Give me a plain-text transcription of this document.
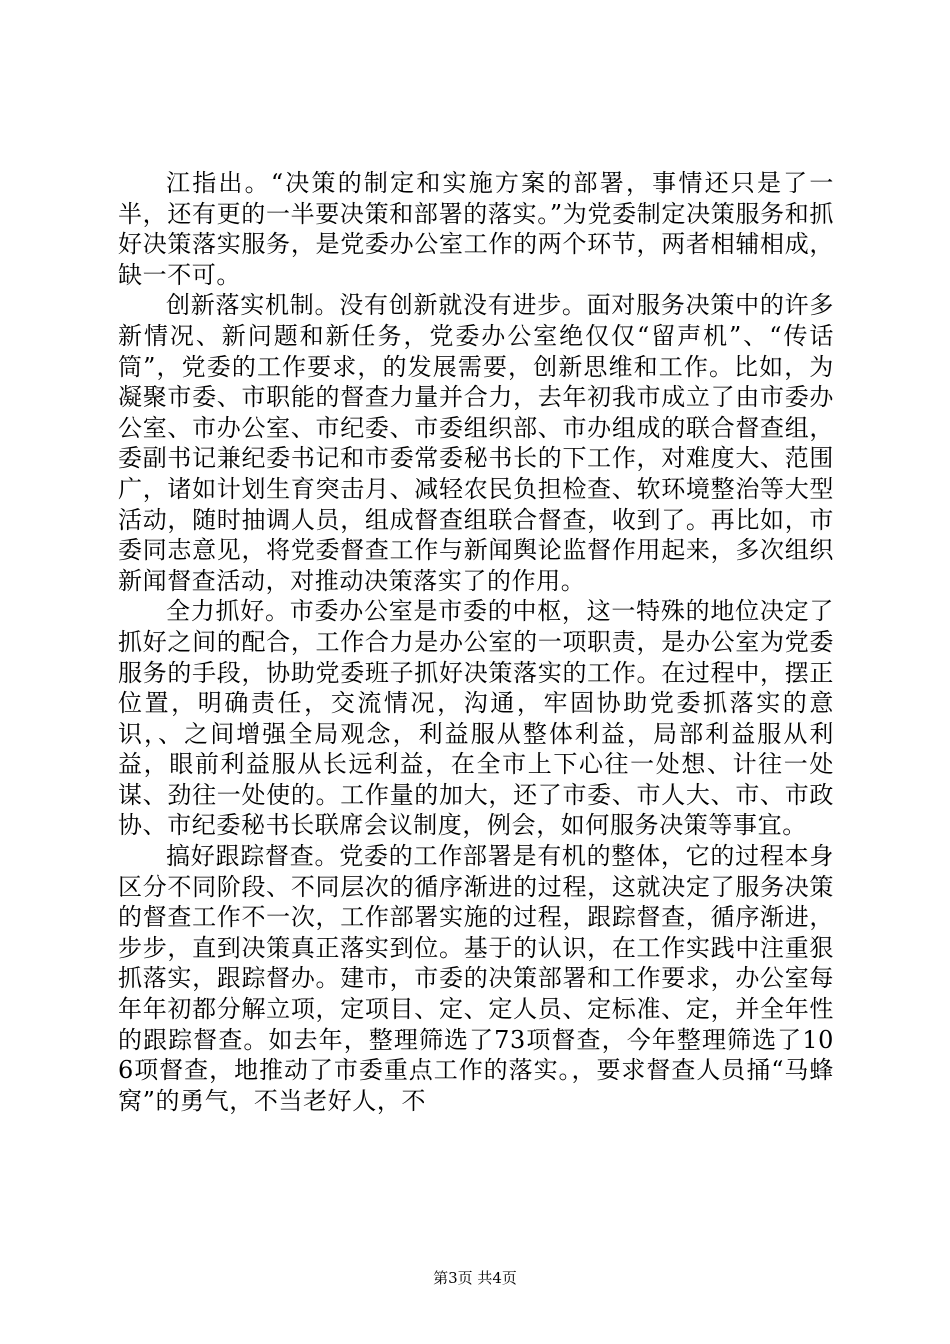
江指出。“决策的制定和实施方案的部署，事情还只是了一半，还有更的一半要决策和部署的落实。”为党委制定决策服务和抓好决策落实服务，是党委办公室工作的两个环节，两者相辅相成，缺一不可。

创新落实机制。没有创新就没有进步。面对服务决策中的许多新情况、新问题和新任务，党委办公室绝仅仅“留声机”、“传话筒”，党委的工作要求，的发展需要，创新思维和工作。比如，为凝聚市委、市职能的督查力量并合力，去年初我市成立了由市委办公室、市办公室、市纪委、市委组织部、市办组成的联合督查组，委副书记兼纪委书记和市委常委秘书长的下工作，对难度大、范围广，诸如计划生育突击月、减轻农民负担检查、软环境整治等大型活动，随时抽调人员，组成督查组联合督查，收到了。再比如，市委同志意见，将党委督查工作与新闻舆论监督作用起来，多次组织新闻督查活动，对推动决策落实了的作用。

全力抓好。市委办公室是市委的中枢，这一特殊的地位决定了抓好之间的配合，工作合力是办公室的一项职责，是办公室为党委服务的手段，协助党委班子抓好决策落实的工作。在过程中，摆正位置，明确责任，交流情况，沟通，牢固协助党委抓落实的意识，、之间增强全局观念，利益服从整体利益，局部利益服从利益，眼前利益服从长远利益，在全市上下心往一处想、计往一处谋、劲往一处使的。工作量的加大，还了市委、市人大、市、市政协、市纪委秘书长联席会议制度，例会，如何服务决策等事宜。

搞好跟踪督查。党委的工作部署是有机的整体，它的过程本身区分不同阶段、不同层次的循序渐进的过程，这就决定了服务决策的督查工作不一次，工作部署实施的过程，跟踪督查，循序渐进，步步，直到决策真正落实到位。基于的认识，在工作实践中注重狠抓落实，跟踪督办。建市，市委的决策部署和工作要求，办公室每年年初都分解立项，定项目、定、定人员、定标准、定，并全年性的跟踪督查。如去年，整理筛选了73项督查，今年整理筛选了106项督查，地推动了市委重点工作的落实。，要求督查人员捅“马蜂窝”的勇气，不当老好人，不

第3页 共4页
